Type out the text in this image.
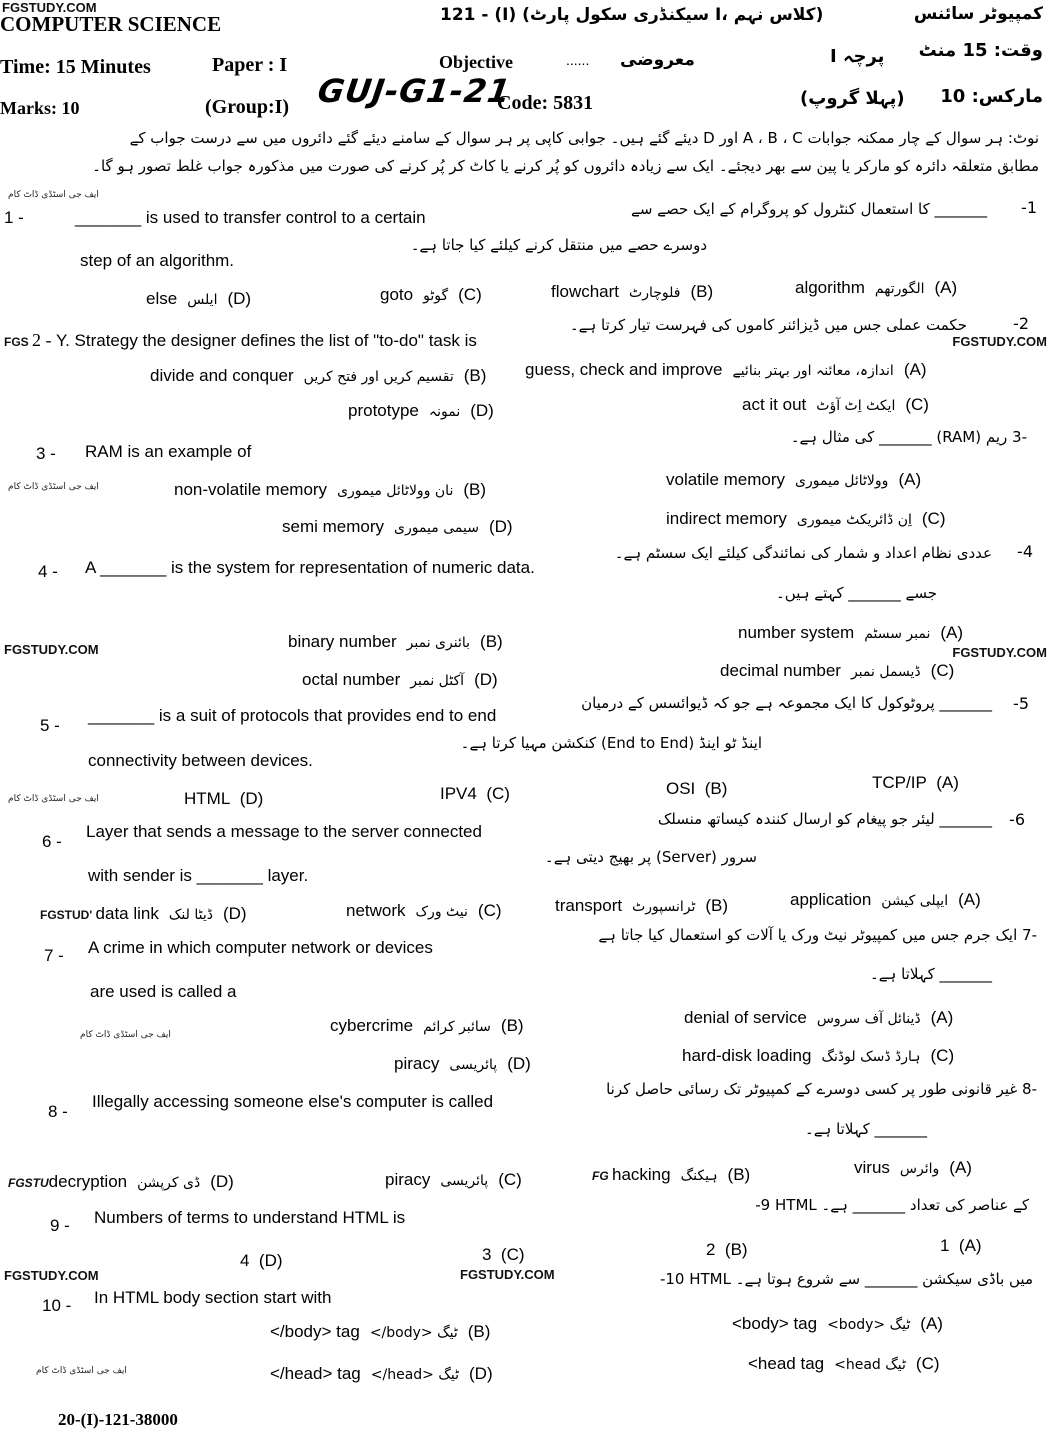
FGSTUDY.COM
COMPUTER SCIENCE	121 - (I) (سیکنڈری سکول پارٹ I، کلاس نہم)	کمپیوٹر سائنس
Time: 15 Minutes	Paper : I
GUJ-G1-21
Objective	...... معروضی	پرچہ I وقت: 15 منٹ
Marks: 10	(Group:I)	Code: 5831	(پہلا گروپ) مارکس: 10
نوٹ: ہر سوال کے چار ممکنہ جوابات A ، B ، C اور D دیئے گئے ہیں۔ جوابی کاپی پر ہر سوال کے سامنے دیئے گئے دائروں میں سے درست جواب کے
مطابق متعلقہ دائرہ کو مارکر یا پین سے بھر دیجئے۔ ایک سے زیادہ دائروں کو پُر کرنے یا کاٹ کر پُر کرنے کی صورت میں مذکورہ جواب غلط تصور ہو گا۔
ایف جی اسٹڈی ڈاٹ کام
1 -	_______ is used to transfer control to a certain
step of an algorithm.
_______ کا استعمال کنٹرول کو پروگرام کے ایک حصے سے -1
دوسرے حصے میں منتقل کرنے کیلئے کیا جاتا ہے۔
else ایلس (D)	goto گوٹو (C)	flowchart فلوچارٹ (B)	algorithm الگورتھم (A)
FGS 2 - Y. Strategy the designer defines the list of "to-do" task is
حکمت عملی جس میں ڈیزائنر کاموں کی فہرست تیار کرتا ہے۔	-2
FGSTUDY.COM
divide and conquer تقسیم کریں اور فتح کریں (B) guess, check and improve اندازہ، معائنہ اور بہتر بنائیے (A)
prototype نمونہ (D)	act it out ایکٹ اِٹ آؤٹ (C)
3 - RAM is an example of
-3 ریم (RAM) _______ کی مثال ہے۔
ایف جی اسٹڈی ڈاٹ کام	non-volatile memory نان وولاٹائل میموری (B)
volatile memory وولاٹائل میموری (A)
semi memory سیمی میموری (D)	indirect memory اِن ڈائریکٹ میموری (C)
4 - A _______ is the system for representation of numeric data.
عددی نظام اعداد و شمار کی نمائندگی کیلئے ایک سسٹم ہے۔ -4
جسے _______ کہتے ہیں۔
FGSTUDY.COM	binary number بائنری نمبر (B)	number system نمبر سسٹم (A)
FGSTUDY.COM
octal number آکٹل نمبر (D)	decimal number ڈیسمل نمبر (C)
5 -
_______ is a suit of protocols that provides end to end
connectivity between devices.
_______ پروٹوکول کا ایک مجموعہ ہے جو کہ ڈیوائسس کے درمیان -5
اینڈ ٹو اینڈ (End to End) کنکشن مہیا کرتا ہے۔
ایف جی اسٹڈی ڈاٹ کام	HTML (D)	IPV4 (C)	OSI (B)	TCP/IP (A)
6 -
Layer that sends a message to the server connected
with sender is _______ layer.
_______ لیئر جو پیغام کو ارسال کنندہ کیساتھ منسلک -6
سرور (Server) پر بھیج دیتی ہے۔
FGSTUD' data link ڈیٹا لنک (D)	network نیٹ ورک (C)	transport ٹرانسپورٹ (B)	application ایپلی کیشن (A)
7 - A crime in which computer network or devices
are used is called a
-7 ایک جرم جس میں کمپیوٹر نیٹ ورک یا آلات کو استعمال کیا جاتا ہے
_______ کہلاتا ہے۔
ایف جی اسٹڈی ڈاٹ کام	cybercrime سائبر کرائم (B)	denial of service ڈینائل آف سروس (A)
piracy پائریسی (D)	hard-disk loading ہارڈ ڈسک لوڈنگ (C)
8 -
Illegally accessing someone else's computer is called
-8 غیر قانونی طور پر کسی دوسرے کے کمپیوٹر تک رسائی حاصل کرنا
_______ کہلاتا ہے۔
FGSTUdecryption ڈی کرپشن (D)	piracy پائریسی (C)	FG hacking ہیکنگ (B)	virus وائرس (A)
9 - Numbers of terms to understand HTML is
-9 HTML کے عناصر کی تعداد _______ ہے۔
4 (D)	3 (C)	2 (B)	1 (A)
FGSTUDY.COM	FGSTUDY.COM
10 - In HTML body section start with
-10 HTML میں باڈی سیکشن _______ سے شروع ہوتا ہے۔
</body> tag </body> ٹیگ (B)	<body> tag <body> ٹیگ (A)
ایف جی اسٹڈی ڈاٹ کام	</head> tag </head> ٹیگ (D)
<head tag <head ٹیگ (C)
20-(I)-121-38000
